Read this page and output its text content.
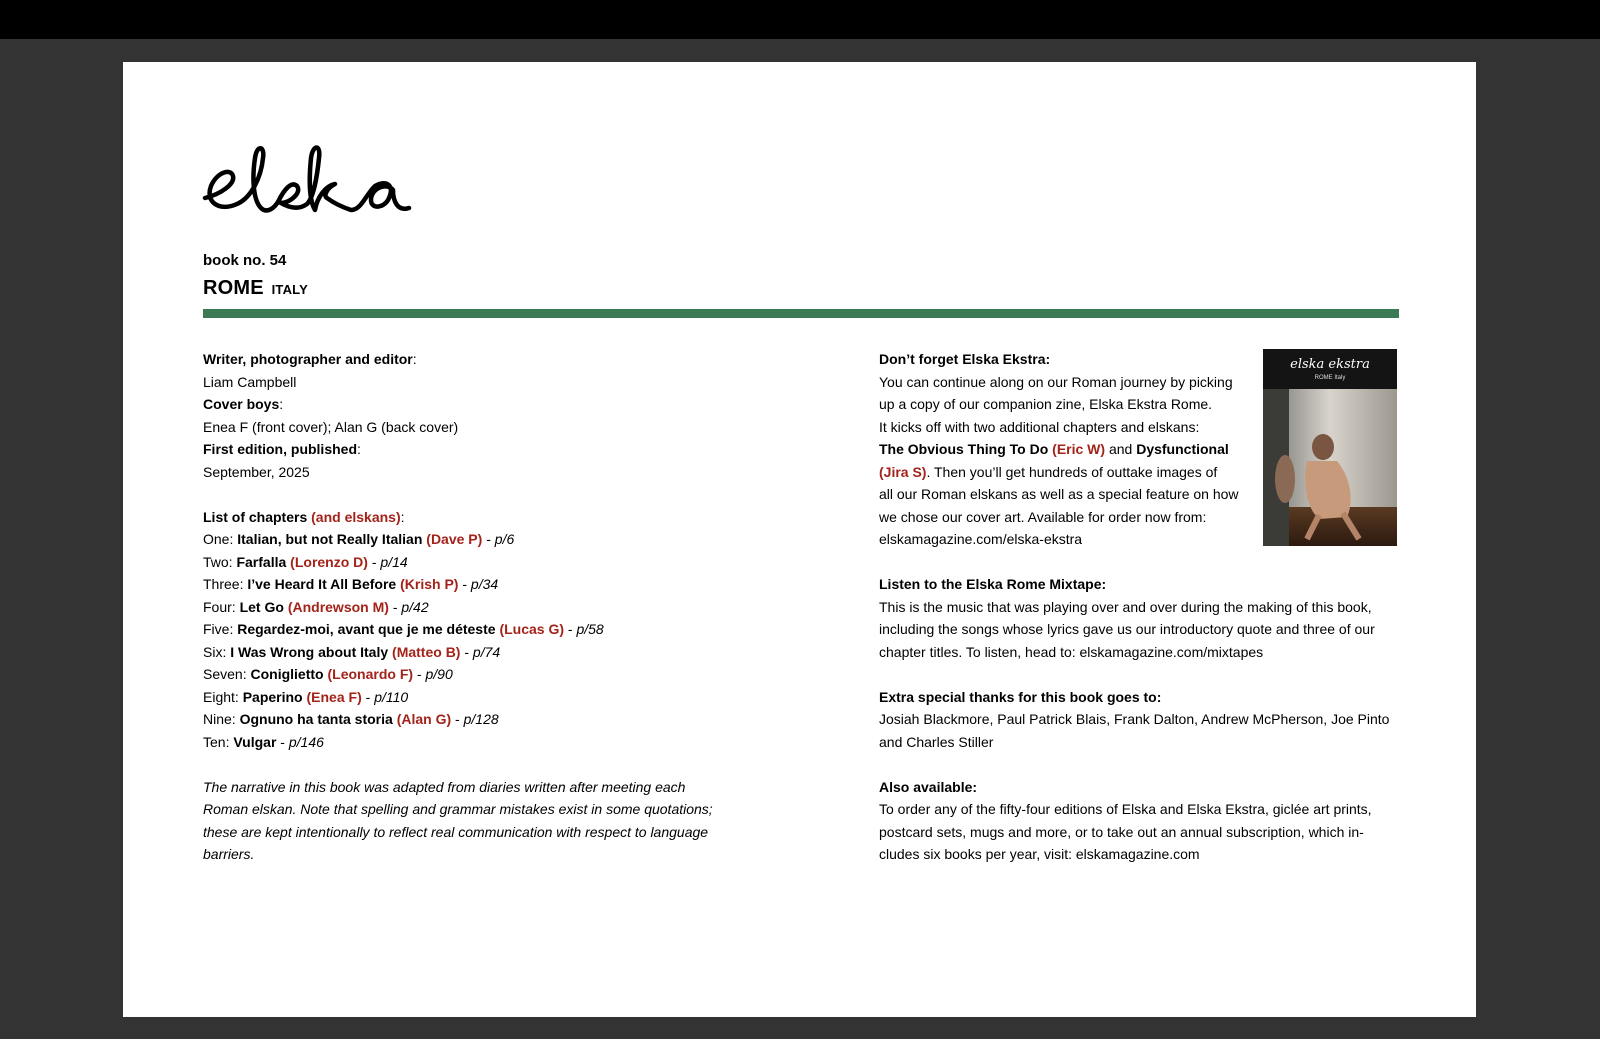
book no. 54
ROME ITALY
Writer, photographer and editor:
Liam Campbell
Cover boys:
Enea F (front cover); Alan G (back cover)
First edition, published:
September, 2025
List of chapters (and elskans):
One: Italian, but not Really Italian (Dave P) - p/6
Two: Farfalla (Lorenzo D) - p/14
Three: I’ve Heard It All Before (Krish P) - p/34
Four: Let Go (Andrewson M) - p/42
Five: Regardez-moi, avant que je me déteste (Lucas G) - p/58
Six: I Was Wrong about Italy (Matteo B) - p/74
Seven: Coniglietto (Leonardo F) - p/90
Eight: Paperino (Enea F) - p/110
Nine: Ognuno ha tanta storia (Alan G) - p/128
Ten: Vulgar - p/146
The narrative in this book was adapted from diaries written after meeting each
Roman elskan. Note that spelling and grammar mistakes exist in some quotations;
these are kept intentionally to reflect real communication with respect to language
barriers.
Don’t forget Elska Ekstra:
You can continue along on our Roman journey by picking
up a copy of our companion zine, Elska Ekstra Rome.
It kicks off with two additional chapters and elskans:
The Obvious Thing To Do (Eric W) and Dysfunctional
(Jira S). Then you’ll get hundreds of outtake images of
all our Roman elskans as well as a special feature on how
we chose our cover art. Available for order now from:
elskamagazine.com/elska-ekstra
Listen to the Elska Rome Mixtape:
This is the music that was playing over and over during the making of this book,
including the songs whose lyrics gave us our introductory quote and three of our
chapter titles. To listen, head to: elskamagazine.com/mixtapes
Extra special thanks for this book goes to:
Josiah Blackmore, Paul Patrick Blais, Frank Dalton, Andrew McPherson, Joe Pinto
and Charles Stiller
Also available:
To order any of the fifty-four editions of Elska and Elska Ekstra, giclée art prints,
postcard sets, mugs and more, or to take out an annual subscription, which in-
cludes six books per year, visit: elskamagazine.com
elska ekstra
ROME Italy
